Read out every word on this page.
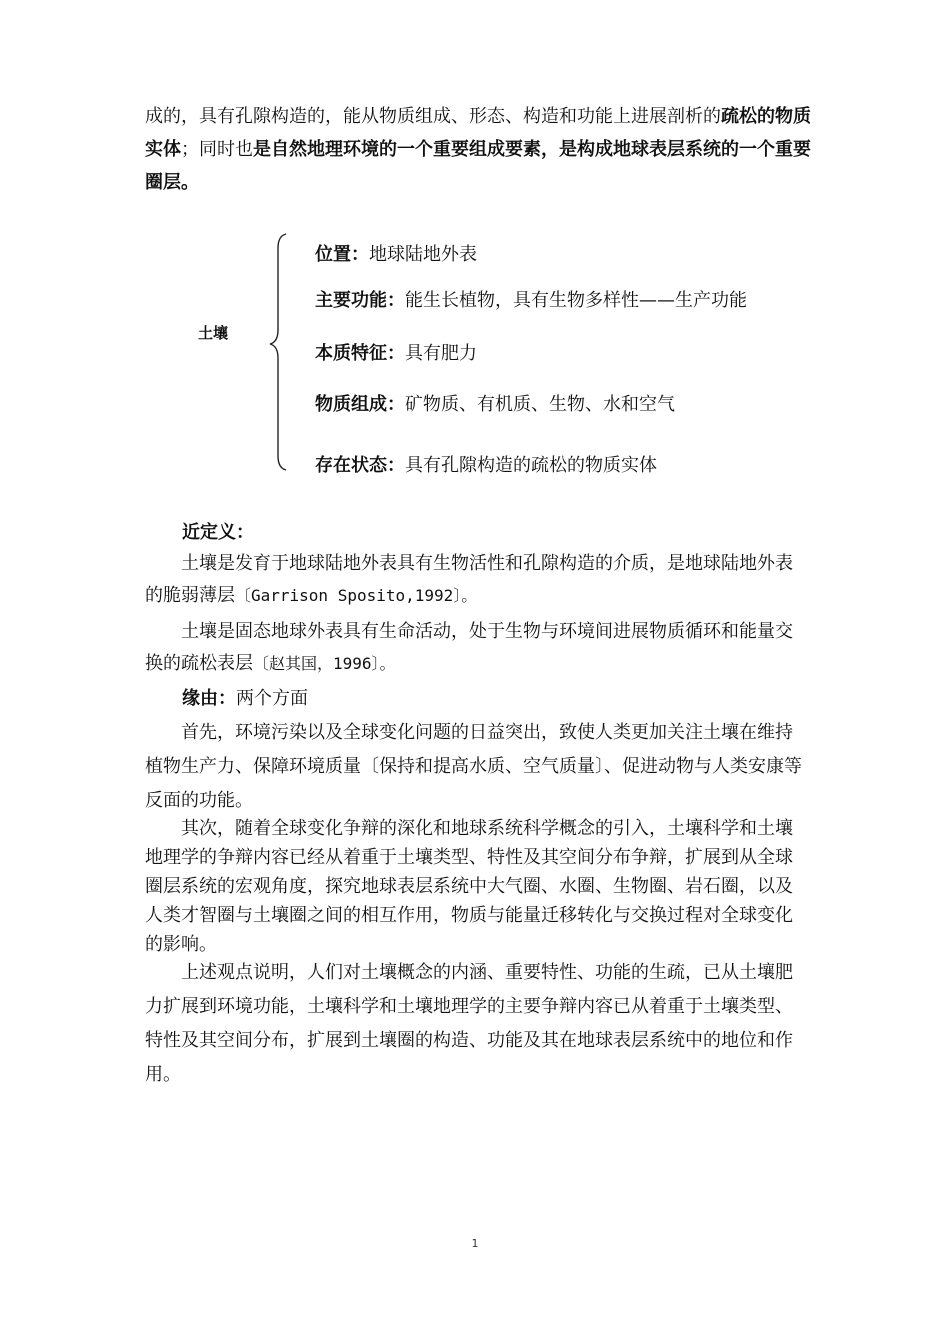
成的，具有孔隙构造的，能从物质组成、形态、构造和功能上进展剖析的疏松的物质实体；同时也是自然地理环境的一个重要组成要素，是构成地球表层系统的一个重要圈层。

土壤
位置：地球陆地外表
主要功能：能生长植物，具有生物多样性——生产功能
本质特征：具有肥力
物质组成：矿物质、有机质、生物、水和空气
存在状态：具有孔隙构造的疏松的物质实体
近定义：
土壤是发育于地球陆地外表具有生物活性和孔隙构造的介质，是地球陆地外表的脆弱薄层〔Garrison Sposito,1992〕。
土壤是固态地球外表具有生命活动，处于生物与环境间进展物质循环和能量交换的疏松表层〔赵其国，1996〕。
缘由：两个方面
首先，环境污染以及全球变化问题的日益突出，致使人类更加关注土壤在维持植物生产力、保障环境质量〔保持和提高水质、空气质量〕、促进动物与人类安康等反面的功能。
其次，随着全球变化争辩的深化和地球系统科学概念的引入，土壤科学和土壤地理学的争辩内容已经从着重于土壤类型、特性及其空间分布争辩，扩展到从全球圈层系统的宏观角度，探究地球表层系统中大气圈、水圈、生物圈、岩石圈，以及人类才智圈与土壤圈之间的相互作用，物质与能量迁移转化与交换过程对全球变化的影响。
上述观点说明，人们对土壤概念的内涵、重要特性、功能的生疏，已从土壤肥力扩展到环境功能，土壤科学和土壤地理学的主要争辩内容已从着重于土壤类型、特性及其空间分布，扩展到土壤圈的构造、功能及其在地球表层系统中的地位和作用。
1
